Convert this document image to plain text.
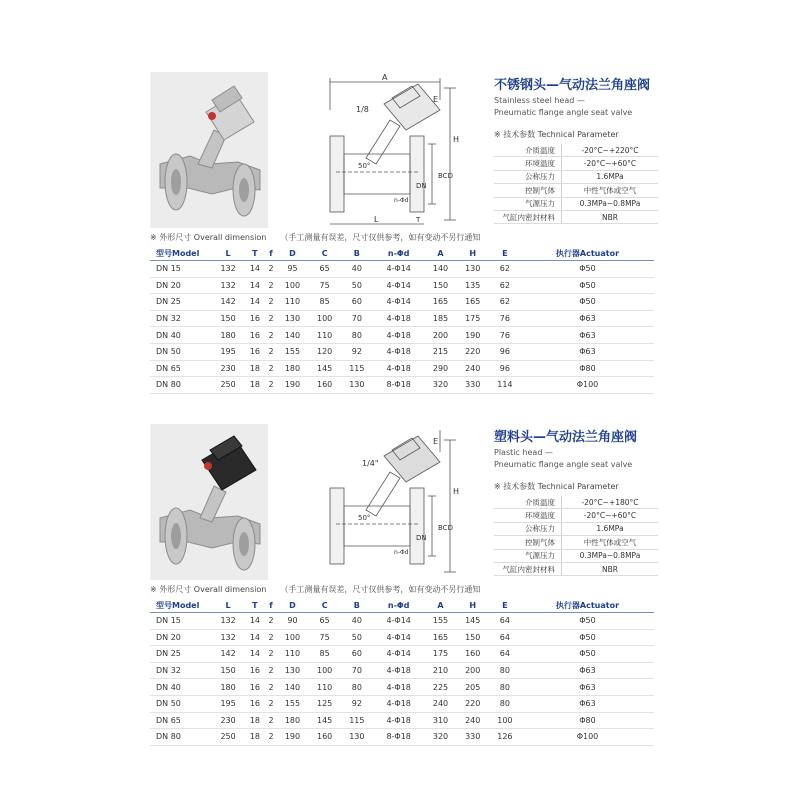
A
E
H
1/8
BCD
DN
50°
n-Φd
L	T
不锈钢头—气动法兰角座阀
Stainless steel head —
Pneumatic flange angle seat valve
※ 技术参数 Technical Parameter
介质温度	-20°C~+220°C
环境温度	-20°C~+60°C
公称压力	1.6MPa
控制气体	中性气体或空气
气源压力	0.3MPa~0.8MPa
气缸内密封材料	NBR
※ 外形尺寸 Overall dimension （手工测量有误差，尺寸仅供参考，如有变动不另行通知
型号Model	L	T	f	D	C	B	n-Φd	A	H	E	执行器Actuator
DN 15	132	14	2	95	65	40	4-Φ14	140	130	62	Φ50
DN 20	132	14	2	100	75	50	4-Φ14	150	135	62	Φ50
DN 25	142	14	2	110	85	60	4-Φ14	165	165	62	Φ50
DN 32	150	16	2	130	100	70	4-Φ18	185	175	76	Φ63
DN 40	180	16	2	140	110	80	4-Φ18	200	190	76	Φ63
DN 50	195	16	2	155	120	92	4-Φ18	215	220	96	Φ63
DN 65	230	18	2	180	145	115	4-Φ18	290	240	96	Φ80
DN 80	250	18	2	190	160	130	8-Φ18	320	330	114	Φ100
E
H
1/4"
BCD
DN
50°
n-Φd
塑料头—气动法兰角座阀
Plastic head —
Pneumatic flange angle seat valve
※ 技术参数 Technical Parameter
介质温度	-20°C~+180°C
环境温度	-20°C~+60°C
公称压力	1.6MPa
控制气体	中性气体或空气
气源压力	0.3MPa~0.8MPa
气缸内密封材料	NBR
※ 外形尺寸 Overall dimension （手工测量有误差，尺寸仅供参考，如有变动不另行通知
型号Model	L	T	f	D	C	B	n-Φd	A	H	E	执行器Actuator
DN 15	132	14	2	90	65	40	4-Φ14	155	145	64	Φ50
DN 20	132	14	2	100	75	50	4-Φ14	165	150	64	Φ50
DN 25	142	14	2	110	85	60	4-Φ14	175	160	64	Φ50
DN 32	150	16	2	130	100	70	4-Φ18	210	200	80	Φ63
DN 40	180	16	2	140	110	80	4-Φ18	225	205	80	Φ63
DN 50	195	16	2	155	125	92	4-Φ18	240	220	80	Φ63
DN 65	230	18	2	180	145	115	4-Φ18	310	240	100	Φ80
DN 80	250	18	2	190	160	130	8-Φ18	320	330	126	Φ100
